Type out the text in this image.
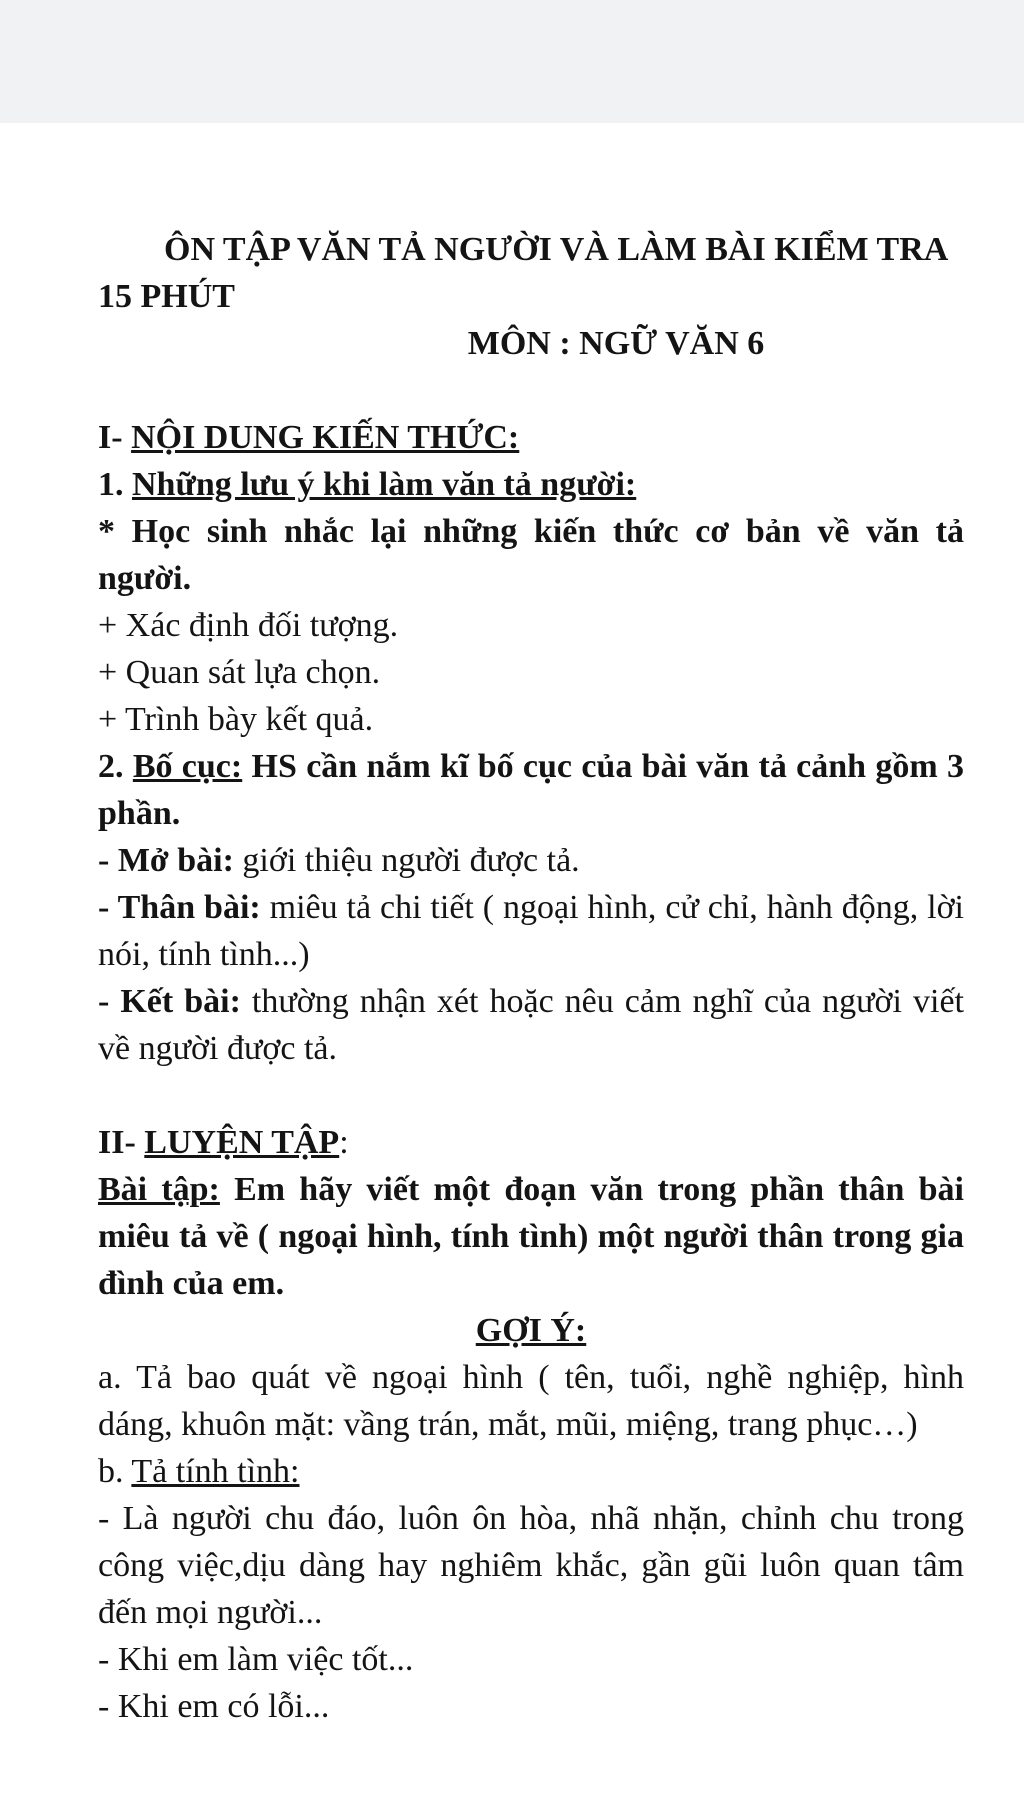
ÔN TẬP VĂN TẢ NGƯỜI VÀ LÀM BÀI KIỂM TRA 15 PHÚT

MÔN : NGỮ VĂN 6

I- NỘI DUNG KIẾN THỨC:

1. Những lưu ý khi làm văn tả người:

* Học sinh nhắc lại những kiến thức cơ bản về văn tả người.

+ Xác định đối tượng.

+ Quan sát lựa chọn.

+ Trình bày kết quả.

2. Bố cục: HS cần nắm kĩ bố cục của bài văn tả cảnh gồm 3 phần.

- Mở bài: giới thiệu người được tả.

- Thân bài: miêu tả chi tiết ( ngoại hình, cử chỉ, hành động, lời nói, tính tình...)

- Kết bài: thường nhận xét hoặc nêu cảm nghĩ của người viết về người được tả.

II- LUYỆN TẬP:

Bài tập: Em hãy viết một đoạn văn trong phần thân bài miêu tả về ( ngoại hình, tính tình) một người thân trong gia đình của em.

GỢI Ý:

a. Tả bao quát về ngoại hình ( tên, tuổi, nghề nghiệp, hình dáng, khuôn mặt: vầng trán, mắt, mũi, miệng, trang phục…)

b. Tả tính tình:

- Là người chu đáo, luôn ôn hòa, nhã nhặn, chỉnh chu trong công việc,dịu dàng hay nghiêm khắc, gần gũi luôn quan tâm đến mọi người...

- Khi em làm việc tốt...

- Khi em có lỗi...
